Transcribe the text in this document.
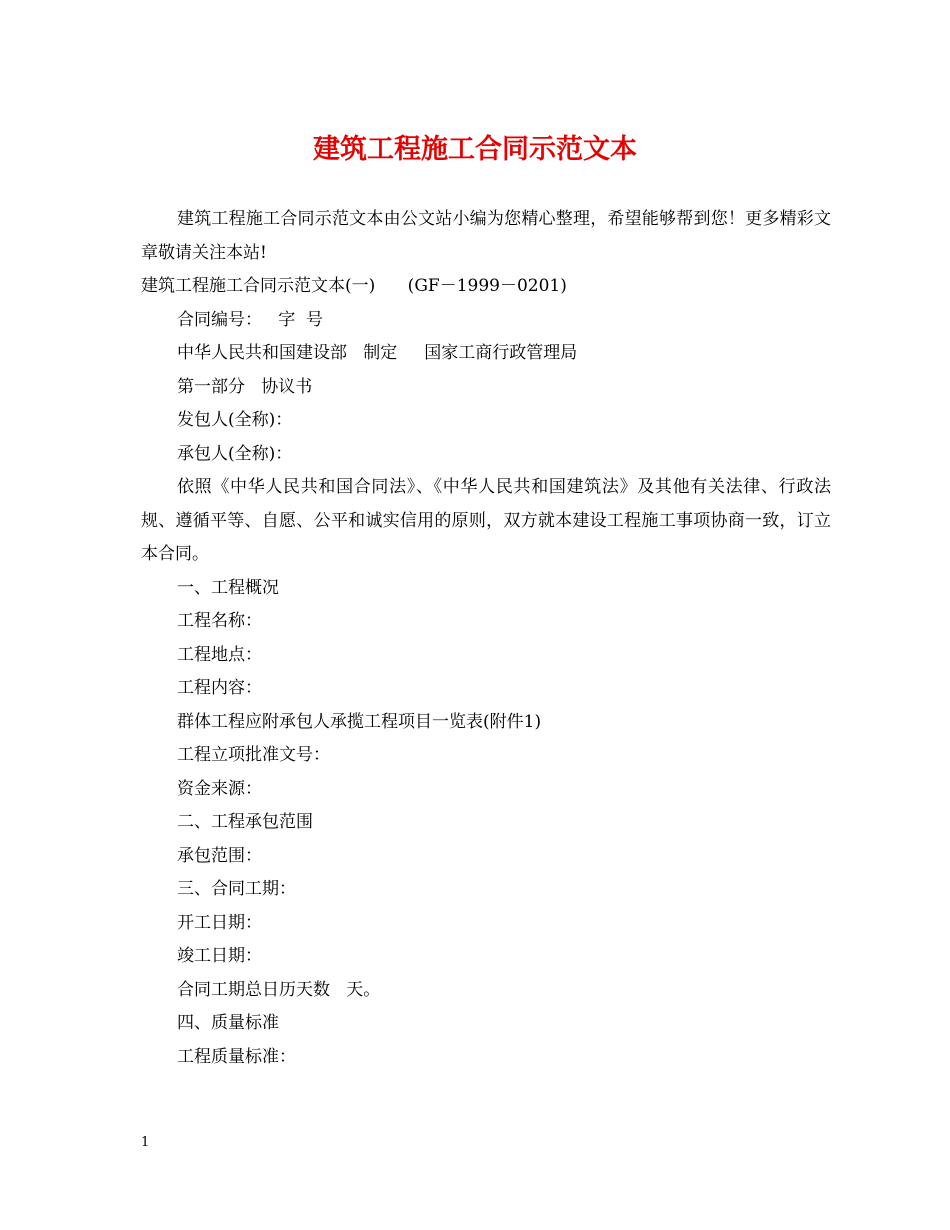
建筑工程施工合同示范文本

建筑工程施工合同示范文本由公文站小编为您精心整理，希望能够帮到您！更多精彩文章敬请关注本站!

建筑工程施工合同示范文本(一)      (GF－1999－0201)

合同编号：   字  号

中华人民共和国建设部   制定     国家工商行政管理局

第一部分   协议书

发包人(全称)：

承包人(全称)：

依照《中华人民共和国合同法》、《中华人民共和国建筑法》及其他有关法律、行政法规、遵循平等、自愿、公平和诚实信用的原则，双方就本建设工程施工事项协商一致，订立本合同。

一、工程概况

工程名称：

工程地点：

工程内容：

群体工程应附承包人承揽工程项目一览表(附件1)

工程立项批准文号：

资金来源：

二、工程承包范围

承包范围：

三、合同工期：

开工日期：

竣工日期：

合同工期总日历天数   天。

四、质量标准

工程质量标准：

1
